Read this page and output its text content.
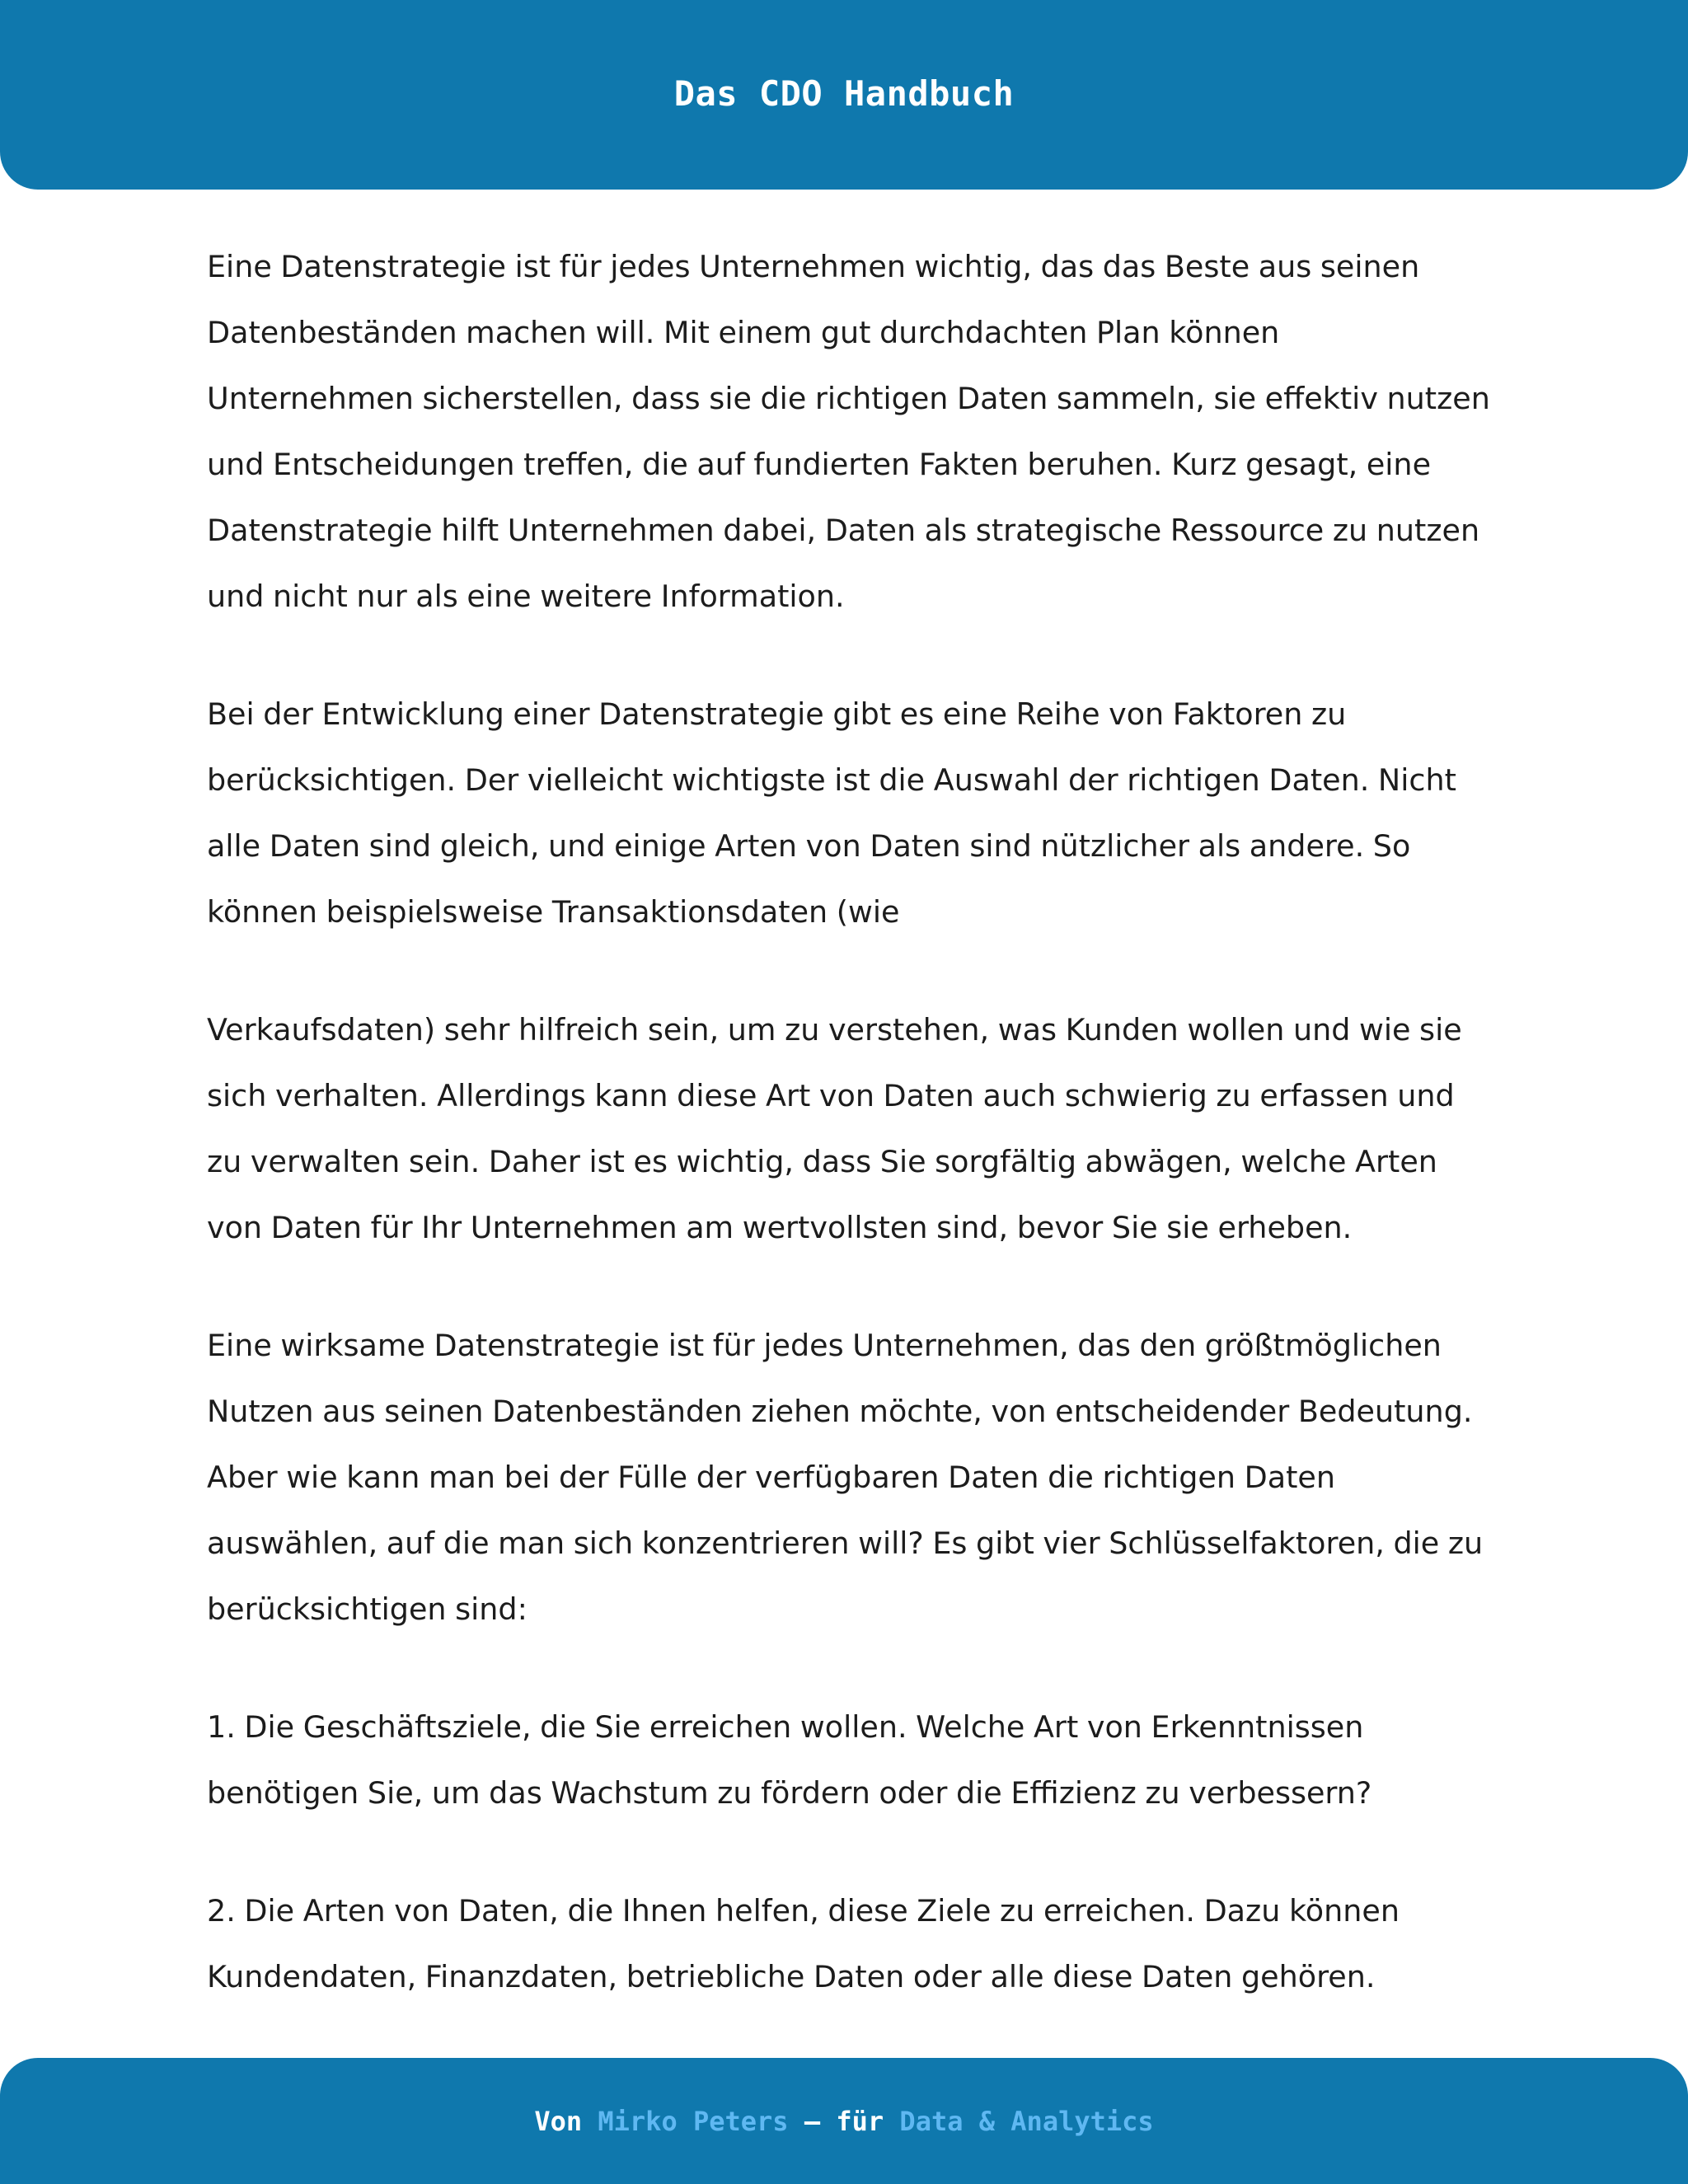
Das CDO Handbuch

Eine Datenstrategie ist für jedes Unternehmen wichtig, das das Beste aus seinen Datenbeständen machen will. Mit einem gut durchdachten Plan können Unternehmen sicherstellen, dass sie die richtigen Daten sammeln, sie effektiv nutzen und Entscheidungen treffen, die auf fundierten Fakten beruhen. Kurz gesagt, eine Datenstrategie hilft Unternehmen dabei, Daten als strategische Ressource zu nutzen und nicht nur als eine weitere Information.

Bei der Entwicklung einer Datenstrategie gibt es eine Reihe von Faktoren zu berücksichtigen. Der vielleicht wichtigste ist die Auswahl der richtigen Daten. Nicht alle Daten sind gleich, und einige Arten von Daten sind nützlicher als andere. So können beispielsweise Transaktionsdaten (wie

Verkaufsdaten) sehr hilfreich sein, um zu verstehen, was Kunden wollen und wie sie sich verhalten. Allerdings kann diese Art von Daten auch schwierig zu erfassen und zu verwalten sein. Daher ist es wichtig, dass Sie sorgfältig abwägen, welche Arten von Daten für Ihr Unternehmen am wertvollsten sind, bevor Sie sie erheben.

Eine wirksame Datenstrategie ist für jedes Unternehmen, das den größtmöglichen Nutzen aus seinen Datenbeständen ziehen möchte, von entscheidender Bedeutung. Aber wie kann man bei der Fülle der verfügbaren Daten die richtigen Daten auswählen, auf die man sich konzentrieren will? Es gibt vier Schlüsselfaktoren, die zu berücksichtigen sind:

1. Die Geschäftsziele, die Sie erreichen wollen. Welche Art von Erkenntnissen benötigen Sie, um das Wachstum zu fördern oder die Effizienz zu verbessern?

2. Die Arten von Daten, die Ihnen helfen, diese Ziele zu erreichen. Dazu können Kundendaten, Finanzdaten, betriebliche Daten oder alle diese Daten gehören.

Von Mirko Peters – für Data & Analytics
